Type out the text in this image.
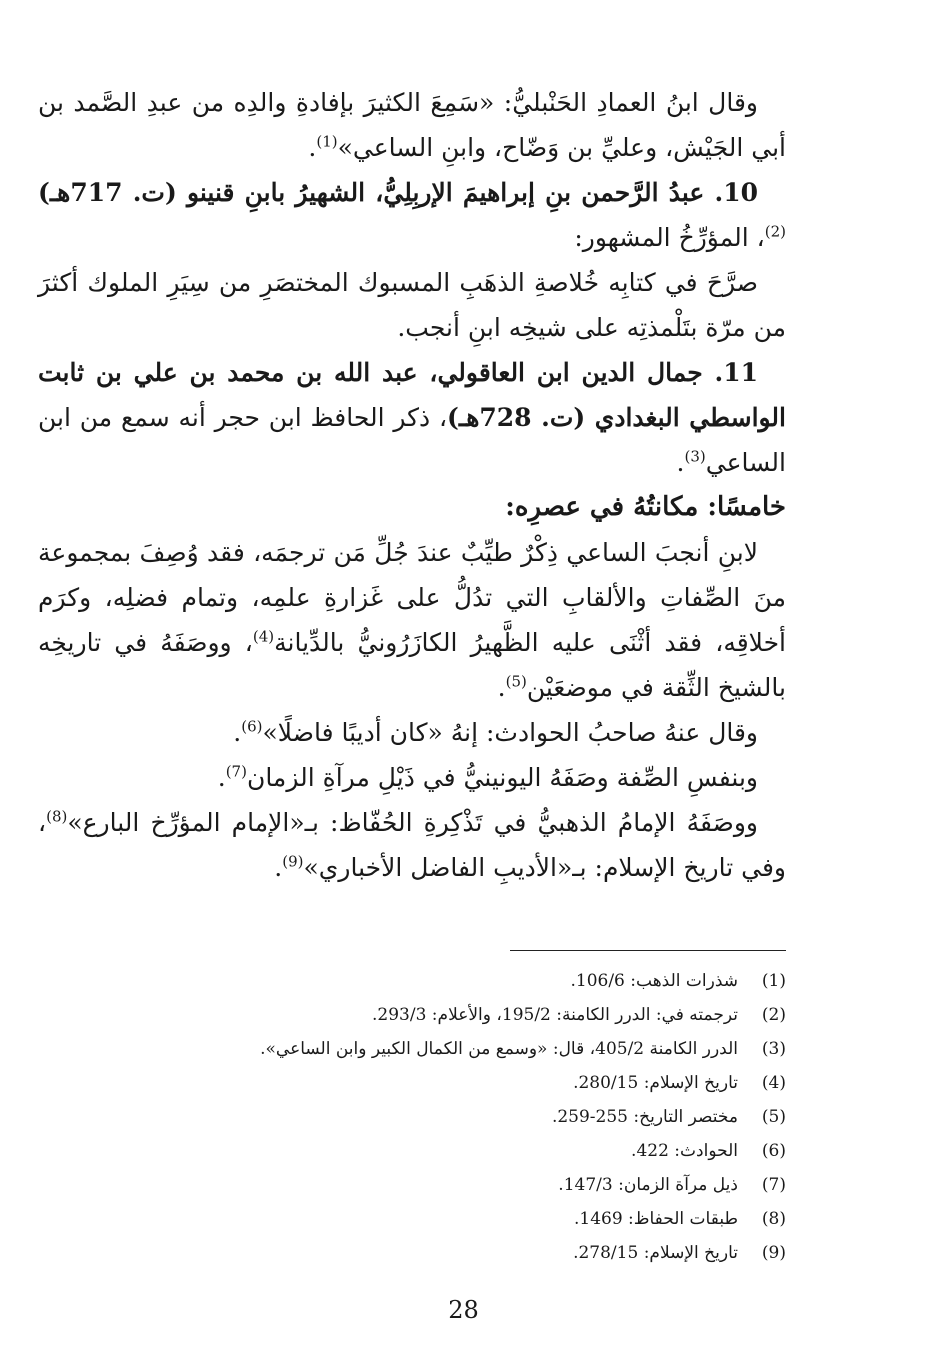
وقال ابنُ العمادِ الحَنْبليُّ: «سَمِعَ الكثيرَ بإفادةِ والدِه من عبدِ الصَّمد بن أبي الجَيْش، وعليِّ بن وَضّاح، وابنِ الساعي»$^{(1)}$.

10. عبدُ الرَّحمن بنِ إبراهيمَ الإربِلِيُّ، الشهيرُ بابنِ قنينو (ت. 717هـ)$^{(2)}$، المؤرِّخُ المشهور:

صرَّحَ في كتابِه خُلاصةِ الذهَبِ المسبوك المختصَرِ من سِيَرِ الملوك أكثرَ من مرّة بتَلْمذتِه على شيخِه ابنِ أنجب.

11. جمال الدين ابن العاقولي، عبد الله بن محمد بن علي بن ثابت الواسطي البغدادي (ت. 728هـ)، ذكر الحافظ ابن حجر أنه سمع من ابن الساعي$^{(3)}$.

خامسًا: مكانتُهُ في عصرِه:

لابنِ أنجبَ الساعي ذِكْرٌ طيِّبٌ عندَ جُلِّ مَن ترجمَه، فقد وُصِفَ بمجموعة منَ الصِّفاتِ والألقابِ التي تدُلُّ على غَزارةِ علمِه، وتمام فضلِه، وكرَم أخلاقِه، فقد أثْنَى عليه الظَّهيرُ الكازَرُونيُّ بالدِّيانة$^{(4)}$، ووصَفَهُ في تاريخِه بالشيخ الثِّقة في موضعَيْن$^{(5)}$.

وقال عنهُ صاحبُ الحوادث: إنهُ «كان أديبًا فاضلًا»$^{(6)}$.

وبنفسِ الصِّفة وصَفَهُ اليونينيُّ في ذَيْلِ مرآةِ الزمان$^{(7)}$.

ووصَفَهُ الإمامُ الذهبيُّ في تَذْكِرةِ الحُفّاظ: بـ«الإمام المؤرِّخ البارع»$^{(8)}$، وفي تاريخ الإسلام: بـ«الأديبِ الفاضل الأخباري»$^{(9)}$.

(1)شذرات الذهب: 106/6.
(2)ترجمته في: الدرر الكامنة: 195/2، والأعلام: 293/3.
(3)الدرر الكامنة 405/2، قال: «وسمع من الكمال الكبير وابن الساعي».
(4)تاريخ الإسلام: 280/15.
(5)مختصر التاريخ: 255-259.
(6)الحوادث: 422.
(7)ذيل مرآة الزمان: 147/3.
(8)طبقات الحفاظ: 1469.
(9)تاريخ الإسلام: 278/15.
28
